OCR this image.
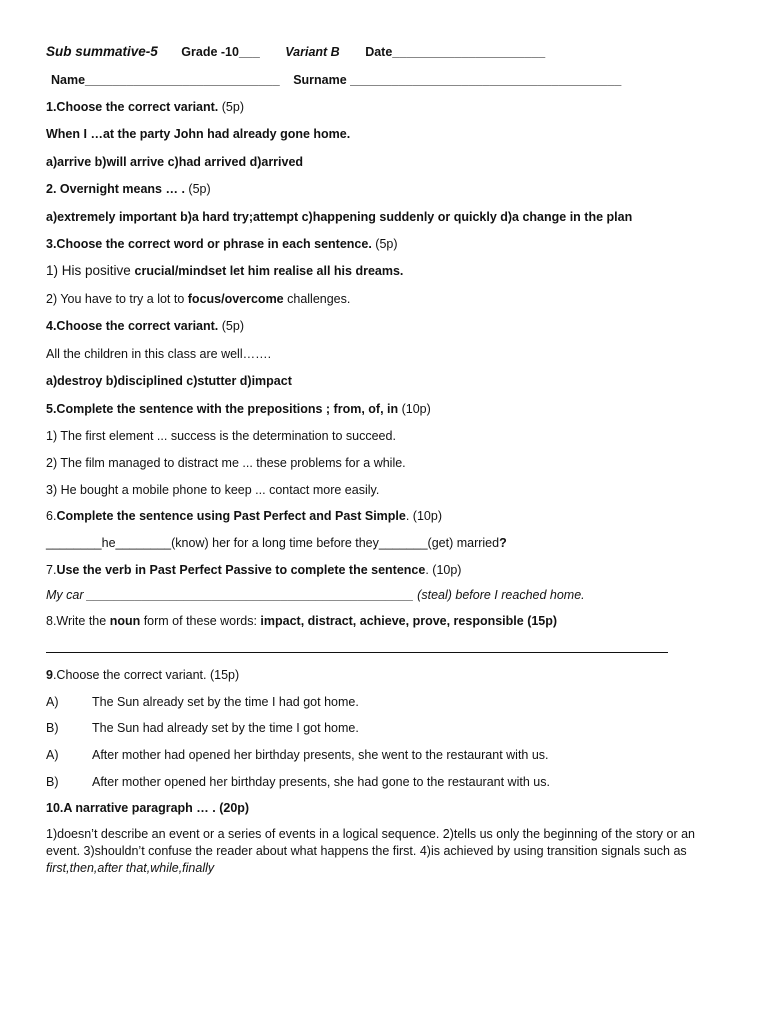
Sub summative-5 Grade -10___ Variant B Date______________________
Name____________________________ Surname _______________________________________
1.Choose the correct variant. (5p)
When I …at the party John had already gone home.
a)arrive b)will arrive c)had arrived d)arrived
2. Overnight means … . (5p)
a)extremely important b)a hard try;attempt c)happening suddenly or quickly d)a change in the plan
3.Choose the correct word or phrase in each sentence. (5p)
1) His positive crucial/mindset let him realise all his dreams.
2) You have to try a lot to focus/overcome challenges.
4.Choose the correct variant. (5p)
All the children in this class are well…….
a)destroy b)disciplined c)stutter d)impact
5.Complete the sentence with the prepositions ; from, of, in (10p)
1) The first element ... success is the determination to succeed.
2) The film managed to distract me ... these problems for a while.
3) He bought a mobile phone to keep ... contact more easily.
6.Complete the sentence using Past Perfect and Past Simple. (10p)
________he________(know) her for a long time before they_______(get) married?
7.Use the verb in Past Perfect Passive to complete the sentence. (10p)
My car _______________________________________________ (steal) before I reached home.
8.Write the noun form of these words: impact, distract, achieve, prove, responsible (15p)
9.Choose the correct variant. (15p)
A)	The Sun already set by the time I had got home.
B)	The Sun had already set by the time I got home.
A)	After mother had opened her birthday presents, she went to the restaurant with us.
B)	After mother opened her birthday presents, she had gone to the restaurant with us.
10.A narrative paragraph … . (20p)
1)doesn’t describe an event or a series of events in a logical sequence. 2)tells us only the beginning of the story or an
event. 3)shouldn’t confuse the reader about what happens the first. 4)is achieved by using transition signals such as
first,then,after that,while,finally
